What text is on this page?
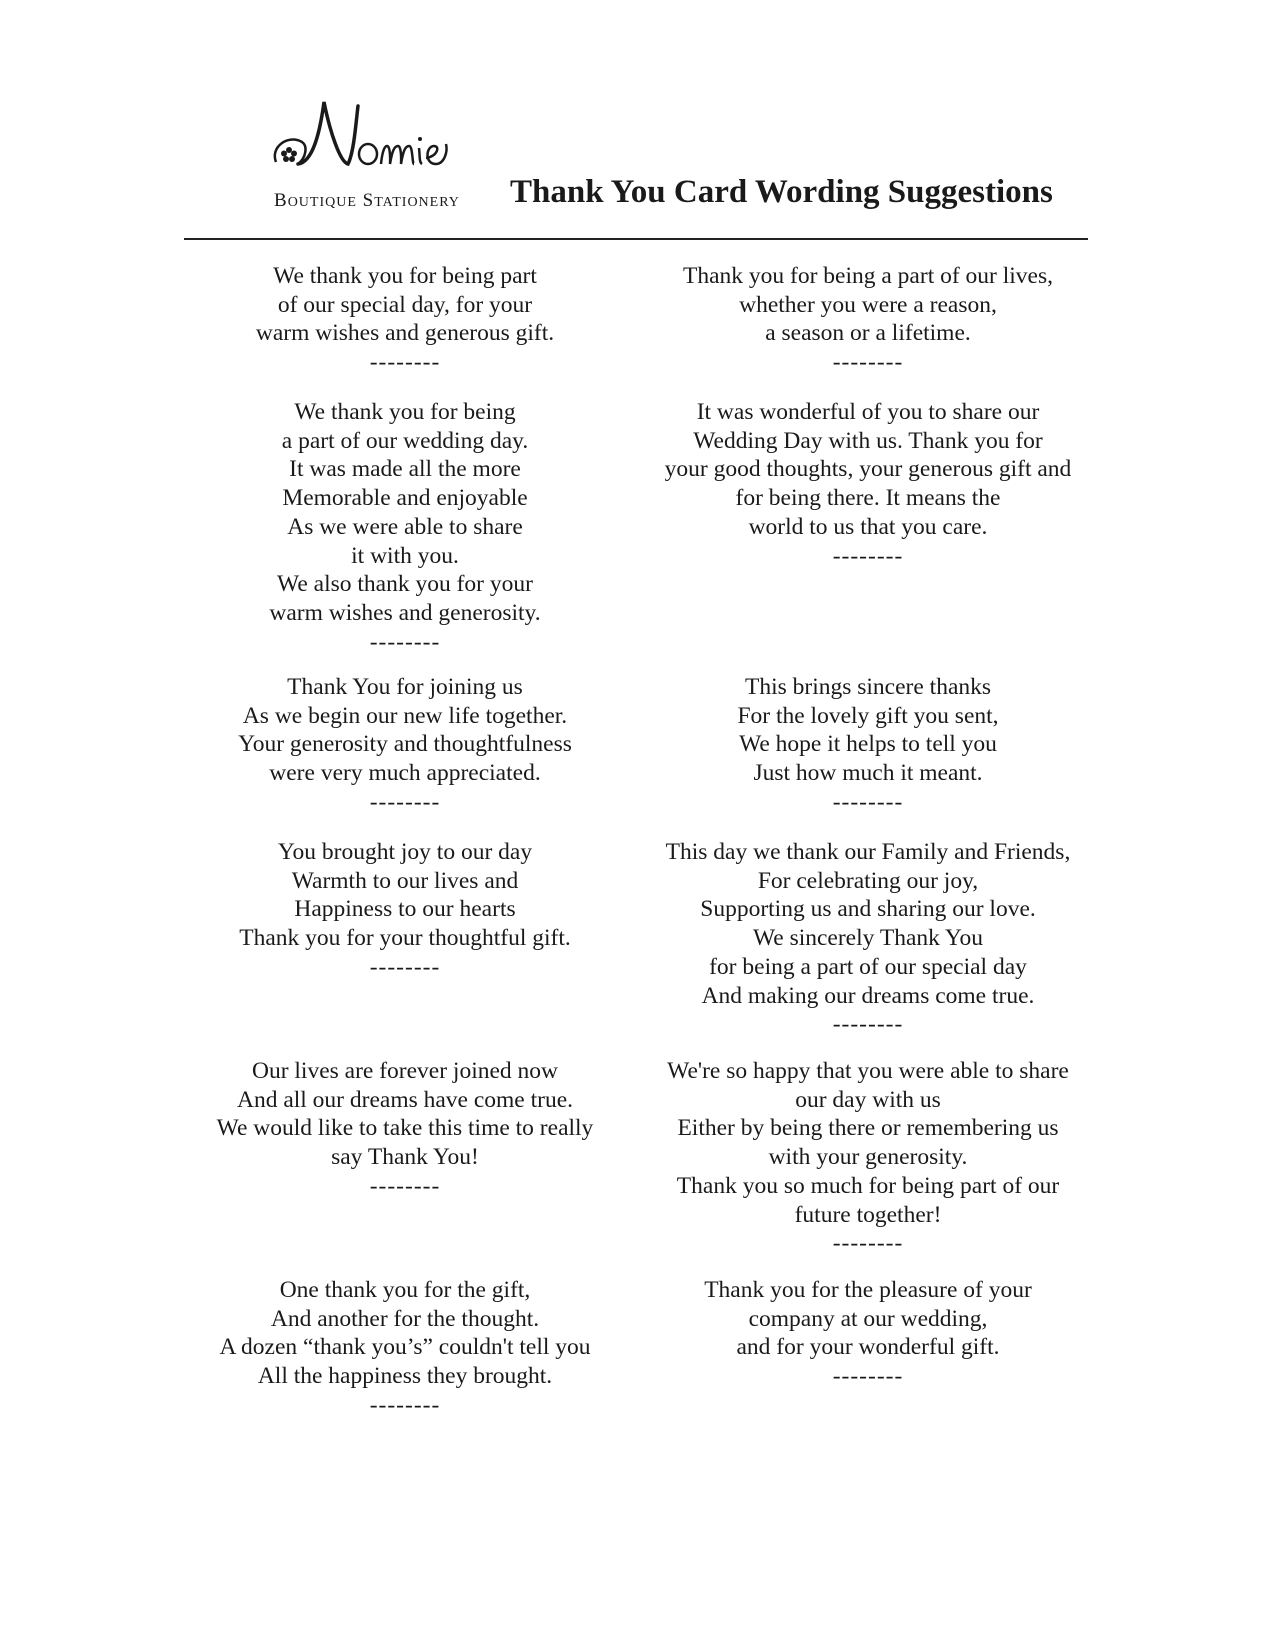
BOUTIQUE STATIONERY Thank You Card Wording Suggestions
We thank you for being part
of our special day, for your
warm wishes and generous gift.
--------
We thank you for being
a part of our wedding day.
It was made all the more
Memorable and enjoyable
As we were able to share
it with you.
We also thank you for your
warm wishes and generosity.
--------
Thank You for joining us
As we begin our new life together.
Your generosity and thoughtfulness
were very much appreciated.
--------
You brought joy to our day
Warmth to our lives and
Happiness to our hearts
Thank you for your thoughtful gift.
--------
Our lives are forever joined now
And all our dreams have come true.
We would like to take this time to really
say Thank You!
--------
One thank you for the gift,
And another for the thought.
A dozen “thank you’s” couldn't tell you
All the happiness they brought.
--------
Thank you for being a part of our lives,
whether you were a reason,
a season or a lifetime.
--------
It was wonderful of you to share our
Wedding Day with us. Thank you for
your good thoughts, your generous gift and
for being there. It means the
world to us that you care.
--------
This brings sincere thanks
For the lovely gift you sent,
We hope it helps to tell you
Just how much it meant.
--------
This day we thank our Family and Friends,
For celebrating our joy,
Supporting us and sharing our love.
We sincerely Thank You
for being a part of our special day
And making our dreams come true.
--------
We're so happy that you were able to share
our day with us
Either by being there or remembering us
with your generosity.
Thank you so much for being part of our
future together!
--------
Thank you for the pleasure of your
company at our wedding,
and for your wonderful gift.
--------
